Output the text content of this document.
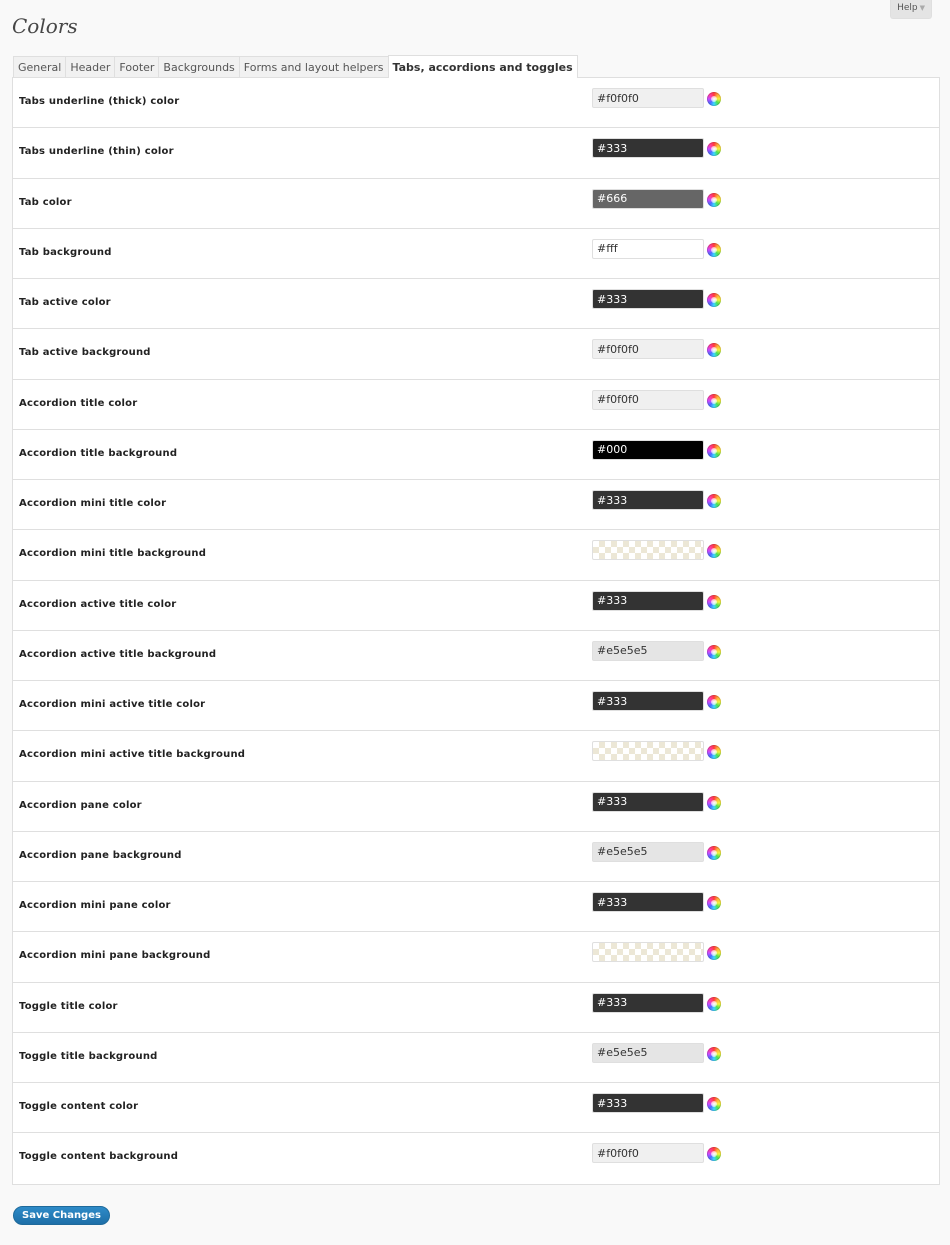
Colors
Help ▼
General Header Footer Backgrounds Forms and layout helpers Tabs, accordions and toggles
Tabs underline (thick) color
#f0f0f0
Tabs underline (thin) color
#333
Tab color
#666
Tab background
#fff
Tab active color
#333
Tab active background
#f0f0f0
Accordion title color
#f0f0f0
Accordion title background
#000
Accordion mini title color
#333
Accordion mini title background
Accordion active title color
#333
Accordion active title background
#e5e5e5
Accordion mini active title color
#333
Accordion mini active title background
Accordion pane color
#333
Accordion pane background
#e5e5e5
Accordion mini pane color
#333
Accordion mini pane background
Toggle title color
#333
Toggle title background
#e5e5e5
Toggle content color
#333
Toggle content background
#f0f0f0
Save Changes
